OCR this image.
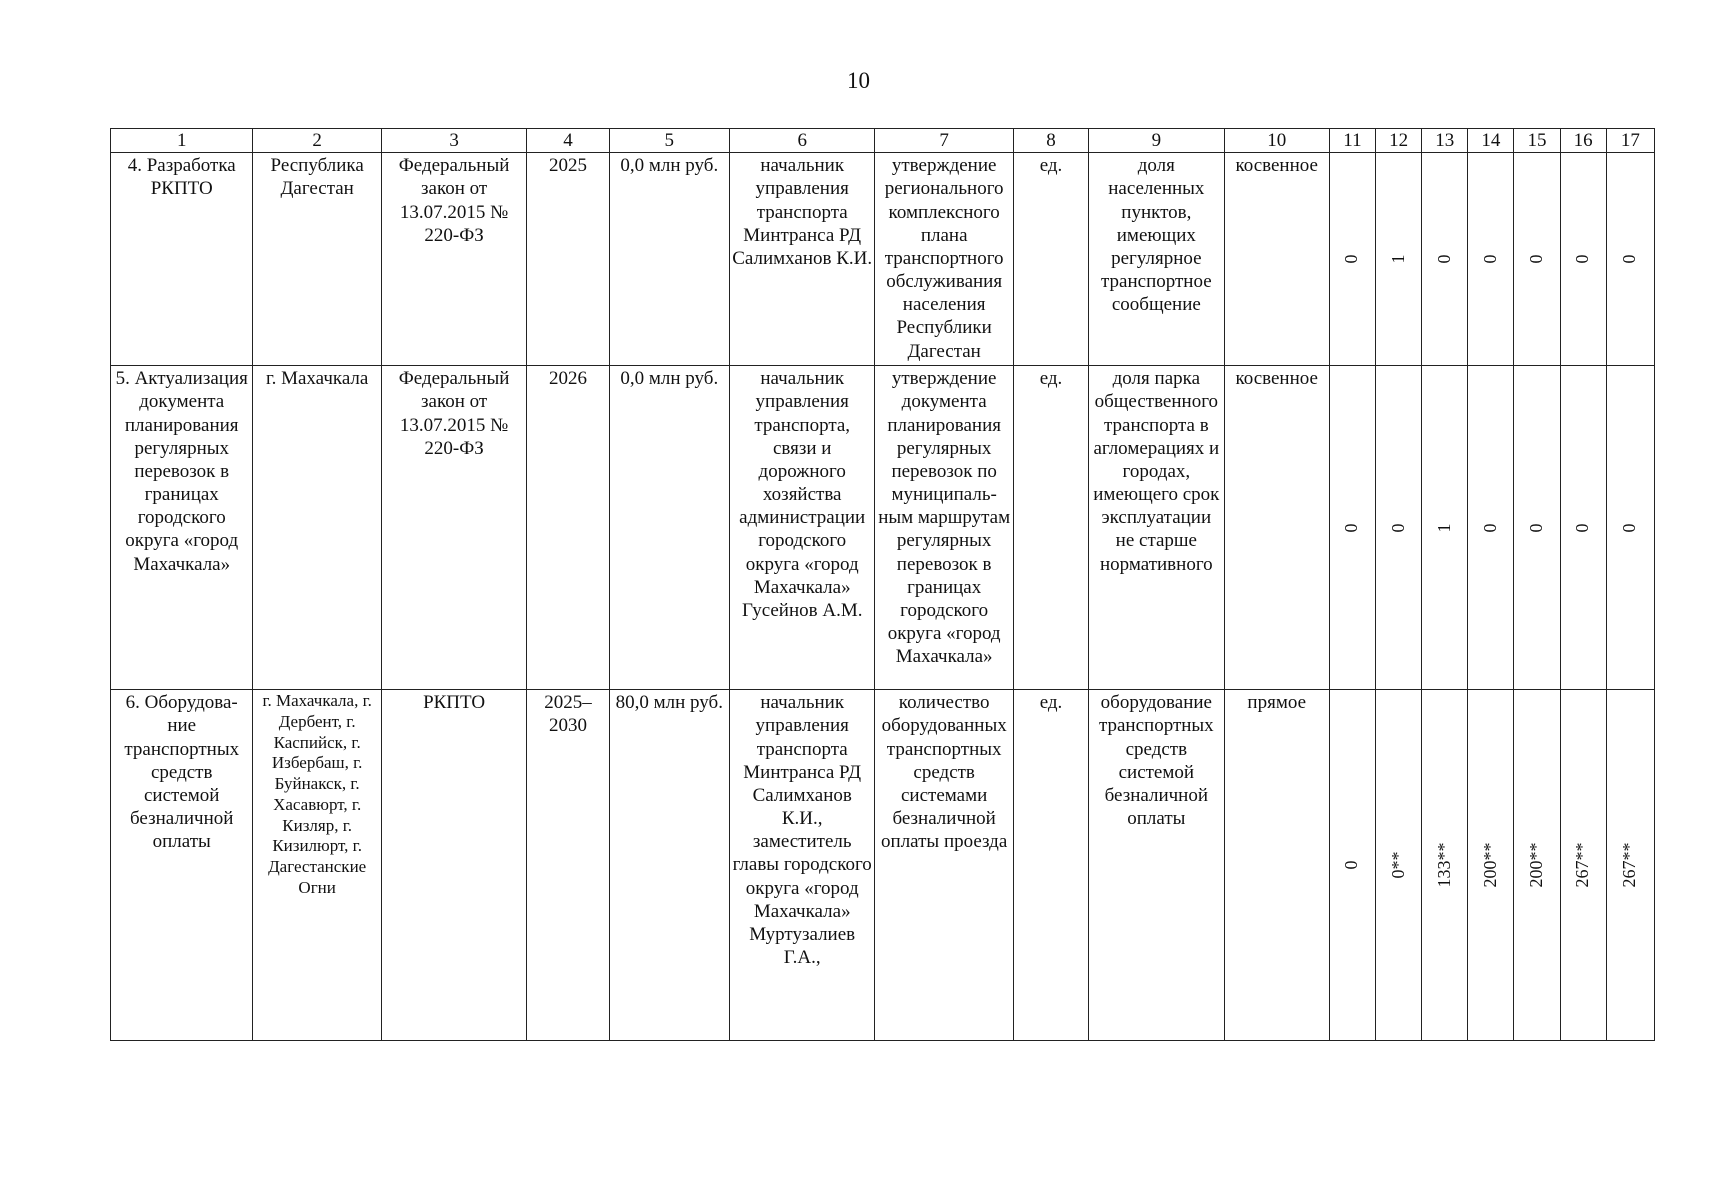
10
1	2	3	4	5	6	7	8	9	10	11	12	13	14	15	16	17
4. Разработка РКПТО	Республика Дагестан	Федеральный закон от 13.07.2015 № 220-ФЗ	2025	0,0 млн руб.	начальник управления транспорта Минтранса РД Салимханов К.И.	утверждение регионального комплексного плана транспортного обслуживания населения Республики Дагестан	ед.	доля населенных пунктов, имеющих регулярное транспортное сообщение	косвенное	0	1	0	0	0	0	0

5. Актуализация документа планирования регулярных перевозок в границах городского округа «город Махачкала»	г. Махачкала	Федеральный закон от 13.07.2015 № 220-ФЗ	2026	0,0 млн руб.	начальник управления транспорта, связи и дорожного хозяйства администрации городского округа «город Махачкала» Гусейнов А.М.	утверждение документа планирования регулярных перевозок по муниципаль-ным маршрутам регулярных перевозок в границах городского округа «город Махачкала»	ед.	доля парка общественного транспорта в агломерациях и городах, имеющего срок эксплуатации не старше нормативного	косвенное	0	0	1	0	0	0	0

6. Оборудова-ние транспортных средств системой безналичной оплаты	г. Махачкала, г. Дербент, г. Каспийск, г. Избербаш, г. Буйнакск, г. Хасавюрт, г. Кизляр, г. Кизилюрт, г. Дагестанские Огни	РКПТО	2025–2030	80,0 млн руб.	начальник управления транспорта Минтранса РД Салимханов К.И., заместитель главы городского округа «город Махачкала» Муртузалиев Г.А.,	количество оборудованных транспортных средств системами безналичной оплаты проезда	ед.	оборудование транспортных средств системой безналичной оплаты	прямое	0	0**	133**	200**	200**	267**	267**
